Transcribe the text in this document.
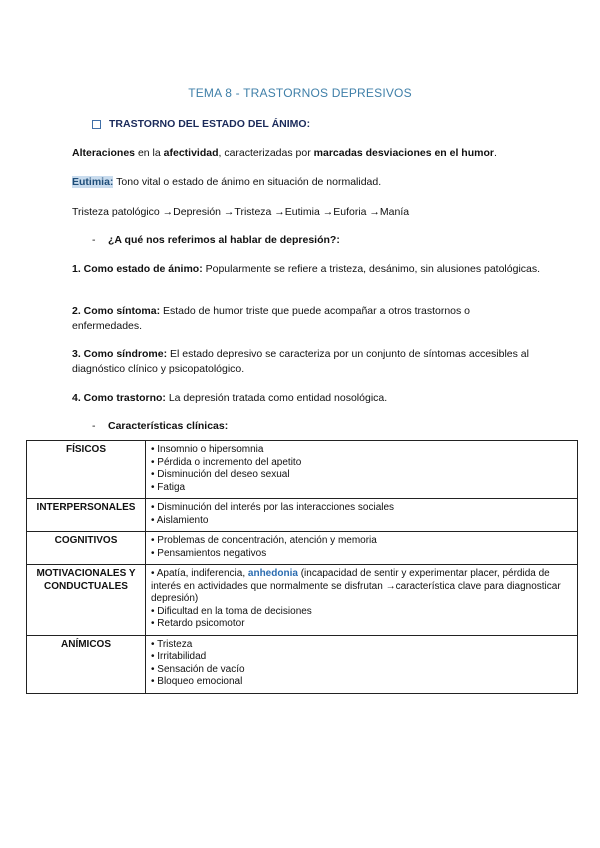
TEMA 8 - TRASTORNOS DEPRESIVOS
TRASTORNO DEL ESTADO DEL ÁNIMO:
Alteraciones en la afectividad, caracterizadas por marcadas desviaciones en el humor.
Eutimia: Tono vital o estado de ánimo en situación de normalidad.
Tristeza patológico →Depresión →Tristeza →Eutimia →Euforia →Manía
- ¿A qué nos referimos al hablar de depresión?:
1. Como estado de ánimo: Popularmente se refiere a tristeza, desánimo, sin alusiones patológicas.
2. Como síntoma: Estado de humor triste que puede acompañar a otros trastornos o enfermedades.
3. Como síndrome: El estado depresivo se caracteriza por un conjunto de síntomas accesibles al diagnóstico clínico y psicopatológico.
4. Como trastorno: La depresión tratada como entidad nosológica.
- Características clínicas:
FÍSICOS	• Insomnio o hipersomnia
• Pérdida o incremento del apetito
• Disminución del deseo sexual
• Fatiga

INTERPERSONALES	• Disminución del interés por las interacciones sociales
• Aislamiento

COGNITIVOS	• Problemas de concentración, atención y memoria
• Pensamientos negativos

MOTIVACIONALES Y CONDUCTUALES	• Apatía, indiferencia, anhedonia (incapacidad de sentir y experimentar placer, pérdida de interés en actividades que normalmente se disfrutan →característica clave para diagnosticar depresión)
• Dificultad en la toma de decisiones
• Retardo psicomotor

ANÍMICOS	• Tristeza
• Irritabilidad
• Sensación de vacío
• Bloqueo emocional
